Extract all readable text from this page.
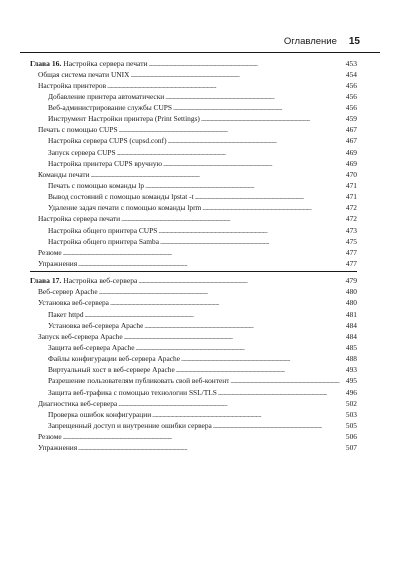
Оглавление 15
Глава 16. Настройка сервера печати . . .	453
Общая система печати UNIX . . .	454
Настройка принтеров . . .	456
Добавление принтера автоматически . . .	456
Веб-администрирование службы CUPS . . .	456
Инструмент Настройки принтера (Print Settings) . . .	459
Печать с помощью CUPS . . .	467
Настройка сервера CUPS (cupsd.conf) . . .	467
Запуск сервера CUPS . . .	469
Настройка принтера CUPS вручную . . .	469
Команды печати . . .	470
Печать с помощью команды lp . . .	471
Вывод состояний с помощью команды lpstat -t . . .	471
Удаление задач печати с помощью команды lprm . . .	472
Настройка сервера печати . . .	472
Настройка общего принтера CUPS . . .	473
Настройка общего принтера Samba . . .	475
Резюме . . .	477
Упражнения . . .	477
Глава 17. Настройка веб-сервера . . .	479
Веб-сервер Apache . . .	480
Установка веб-сервера . . .	480
Пакет httpd . . .	481
Установка веб-сервера Apache . . .	484
Запуск веб-сервера Apache . . .	484
Защита веб-сервера Apache . . .	485
Файлы конфигурации веб-сервера Apache . . .	488
Виртуальный хост в веб-сервере Apache . . .	493
Разрешение пользователям публиковать свой веб-контент . . .	495
Защита веб-трафика с помощью технологии SSL/TLS . . .	496
Диагностика веб-сервера . . .	502
Проверка ошибок конфигурации . . .	503
Запрещенный доступ и внутренние ошибки сервера . . .	505
Резюме . . .	506
Упражнения . . .	507
